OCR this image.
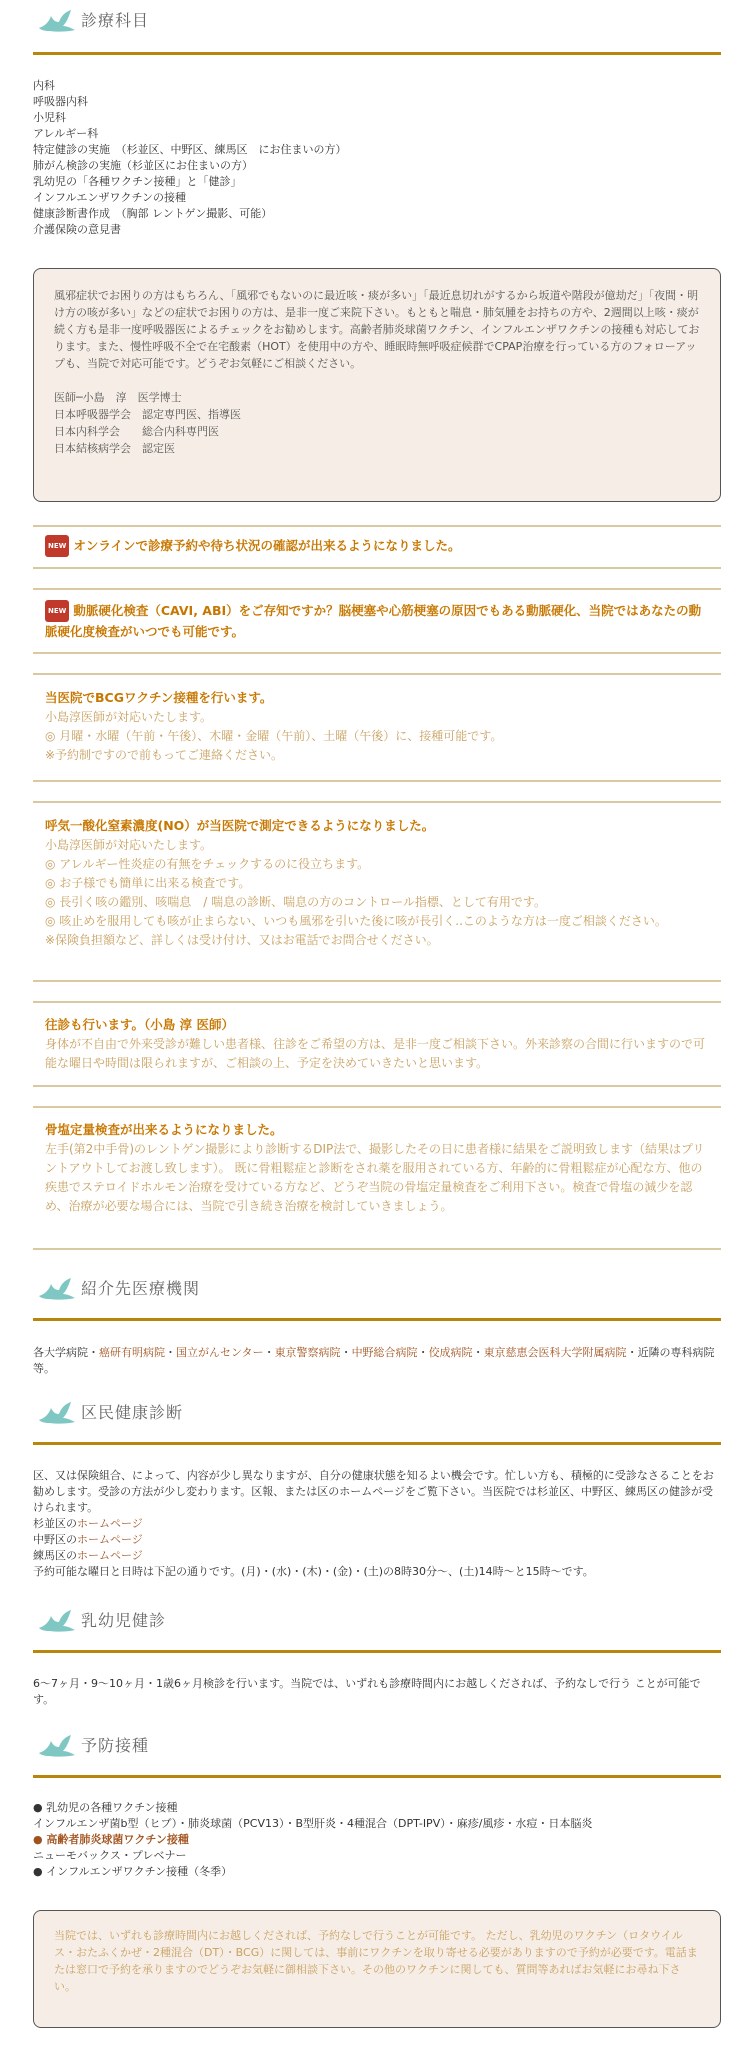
診療科目
内科
呼吸器内科
小児科
アレルギー科
特定健診の実施　（杉並区、中野区、練馬区　にお住まいの方）
肺がん検診の実施（杉並区にお住まいの方）
乳幼児の「各種ワクチン接種」と「健診」
インフルエンザワクチンの接種
健康診断書作成　（胸部 レントゲン撮影、可能）
介護保険の意見書
風邪症状でお困りの方はもちろん、「風邪でもないのに最近咳・痰が多い」「最近息切れがするから坂道や階段が億劫だ」「夜間・明け方の咳が多い」などの症状でお困りの方は、是非一度ご来院下さい。もともと喘息・肺気腫をお持ちの方や、2週間以上咳・痰が続く方も是非一度呼吸器医によるチェックをお勧めします。高齢者肺炎球菌ワクチン、インフルエンザワクチンの接種も対応しております。また、慢性呼吸不全で在宅酸素（HOT）を使用中の方や、睡眠時無呼吸症候群でCPAP治療を行っている方のフォローアップも、当院で対応可能です。どうぞお気軽にご相談ください。
医師─小島　淳　医学博士
日本呼吸器学会　認定専門医、指導医
日本内科学会　　総合内科専門医
日本結核病学会　認定医
NEW オンラインで診療予約や待ち状況の確認が出来るようになりました。
NEW 動脈硬化検査（CAVI, ABI）をご存知ですか？脳梗塞や心筋梗塞の原因でもある動脈硬化、当院ではあなたの動脈硬化度検査がいつでも可能です。
当医院でBCGワクチン接種を行います。
小島淳医師が対応いたします。
◎ 月曜・水曜（午前・午後）、木曜・金曜（午前）、土曜（午後）に、接種可能です。
※予約制ですので前もってご連絡ください。
呼気一酸化窒素濃度(NO）が当医院で測定できるようになりました。
小島淳医師が対応いたします。
◎ アレルギー性炎症の有無をチェックするのに役立ちます。
◎ お子様でも簡単に出来る検査です。
◎ 長引く咳の鑑別、咳喘息　/ 喘息の診断、喘息の方のコントロール指標、として有用です。
◎ 咳止めを服用しても咳が止まらない、いつも風邪を引いた後に咳が長引く..このような方は一度ご相談ください。
※保険負担額など、詳しくは受け付け、又はお電話でお問合せください。
往診も行います。（小島 淳 医師）
身体が不自由で外来受診が難しい患者様、往診をご希望の方は、是非一度ご相談下さい。外来診察の合間に行いますので可能な曜日や時間は限られますが、ご相談の上、予定を決めていきたいと思います。
骨塩定量検査が出来るようになりました。
左手(第2中手骨)のレントゲン撮影により診断するDIP法で、撮影したその日に患者様に結果をご説明致します（結果はプリントアウトしてお渡し致します）。 既に骨粗鬆症と診断をされ薬を服用されている方、年齢的に骨粗鬆症が心配な方、他の疾患でステロイドホルモン治療を受けている方など、どうぞ当院の骨塩定量検査をご利用下さい。検査で骨塩の減少を認め、治療が必要な場合には、当院で引き続き治療を検討していきましょう。
紹介先医療機関
各大学病院・癌研有明病院・国立がんセンター・東京警察病院・中野総合病院・佼成病院・東京慈恵会医科大学附属病院・近隣の専科病院等。
区民健康診断
区、又は保険組合、によって、内容が少し異なりますが、自分の健康状態を知るよい機会です。忙しい方も、積極的に受診なさることをお勧めします。受診の方法が少し変わります。区報、または区のホームページをご覧下さい。当医院では杉並区、中野区、練馬区の健診が受けられます。
杉並区のホームページ
中野区のホームページ
練馬区のホームページ
予約可能な曜日と日時は下記の通りです。(月)・(水)・(木)・(金)・(土)の8時30分～、(土)14時～と15時～です。
乳幼児健診
6～7ヶ月・9～10ヶ月・1歳6ヶ月検診を行います。当院では、いずれも診療時間内にお越しくだされば、予約なしで行う ことが可能です。
予防接種
● 乳幼児の各種ワクチン接種
インフルエンザ菌b型（ヒブ）・肺炎球菌（PCV13）・B型肝炎・4種混合（DPT-IPV）・麻疹/風疹・水痘・日本脳炎
● 高齢者肺炎球菌ワクチン接種
ニューモバックス・プレベナー
● インフルエンザワクチン接種（冬季）
当院では、いずれも診療時間内にお越しくだされば、予約なしで行うことが可能です。 ただし、乳幼児のワクチン（ロタウイルス・おたふくかぜ・2種混合（DT）・BCG）に関しては、事前にワクチンを取り寄せる必要がありますので予約が必要です。電話または窓口で予約を承りますのでどうぞお気軽に御相談下さい。その他のワクチンに関しても、質問等あればお気軽にお尋ね下さい。
